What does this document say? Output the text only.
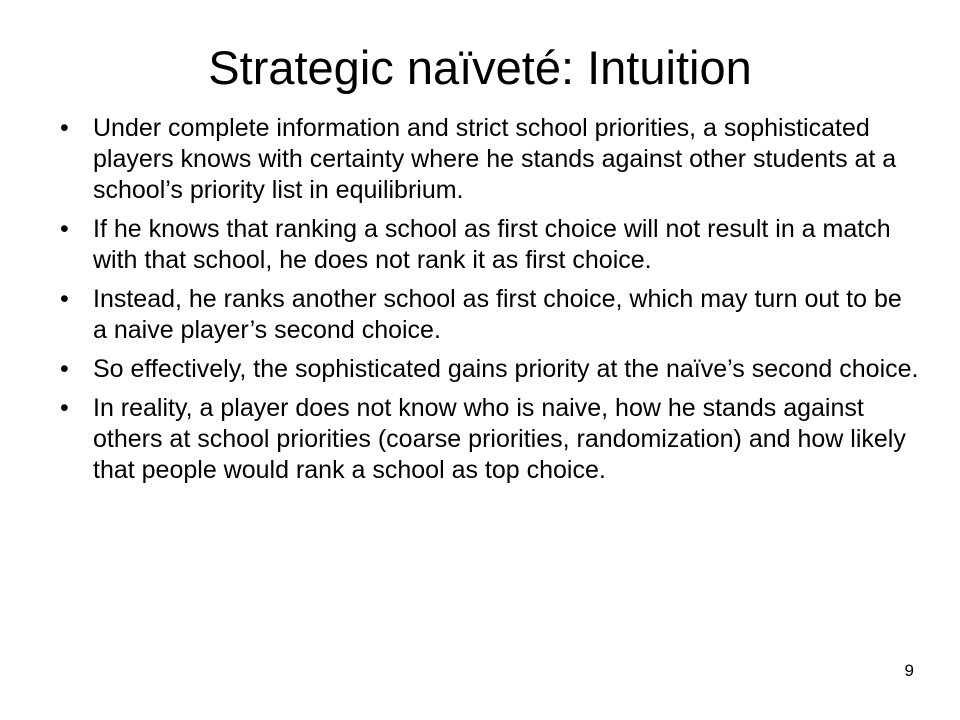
Strategic naïveté: Intuition
• Under complete information and strict school priorities, a sophisticated players knows with certainty where he stands against other students at a school’s priority list in equilibrium.
• If he knows that ranking a school as first choice will not result in a match with that school, he does not rank it as first choice.
• Instead, he ranks another school as first choice, which may turn out to be a naive player’s second choice.
• So effectively, the sophisticated gains priority at the naïve’s second choice.
• In reality, a player does not know who is naive, how he stands against others at school priorities (coarse priorities, randomization) and how likely that people would rank a school as top choice.
9
